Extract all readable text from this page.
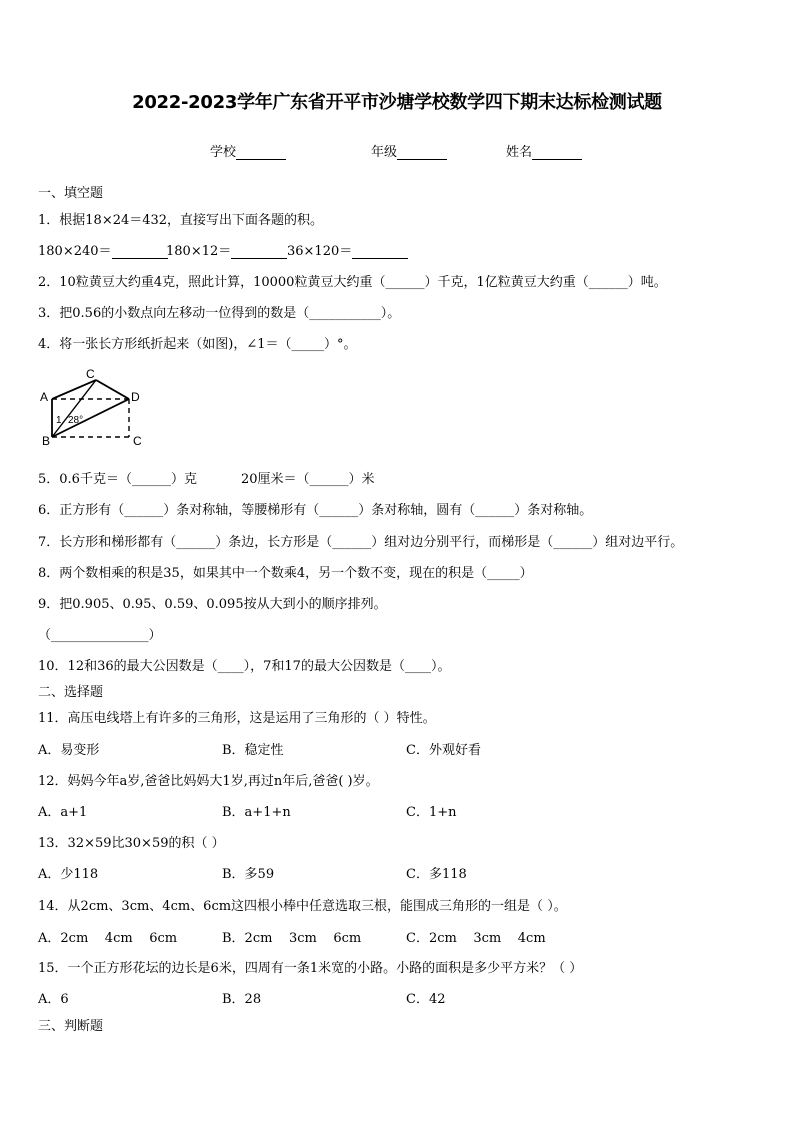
2022-2023学年广东省开平市沙塘学校数学四下期末达标检测试题
学校	年级	姓名
一、填空题
1．根据18×24＝432，直接写出下面各题的积。
180×240＝	180×12＝	36×120＝
2．10粒黄豆大约重4克，照此计算，10000粒黄豆大约重（______）千克，1亿粒黄豆大约重（______）吨。
3．把0.56的小数点向左移动一位得到的数是（___________）。
4．将一张长方形纸折起来（如图)，∠1＝（_____）°。
A
B
C
C
D
1 28°
5．0.6千克＝（______）克	20厘米＝（______）米
6．正方形有（______）条对称轴，等腰梯形有（______）条对称轴，圆有（______）条对称轴。
7．长方形和梯形都有（______）条边，长方形是（______）组对边分别平行，而梯形是（______）组对边平行。
8．两个数相乘的积是35，如果其中一个数乘4，另一个数不变，现在的积是（_____）
9．把0.905、0.95、0.59、0.095按从大到小的顺序排列。
（_______________）
10．12和36的最大公因数是（____），7和17的最大公因数是（____）。
二、选择题
11．高压电线塔上有许多的三角形，这是运用了三角形的（ ）特性。
A．易变形	B．稳定性	C．外观好看
12．妈妈今年a岁,爸爸比妈妈大1岁,再过n年后,爸爸( )岁。
A．a+1	B．a+1+n	C．1+n
13．32×59比30×59的积（ ）
A．少118	B．多59	C．多118
14．从2cm、3cm、4cm、6cm这四根小棒中任意选取三根，能围成三角形的一组是（ ）。
A．2cm    4cm    6cm	B．2cm    3cm    6cm	C．2cm    3cm    4cm
15．一个正方形花坛的边长是6米，四周有一条1米宽的小路。小路的面积是多少平方米？（ ）
A．6	B．28	C．42
三、判断题
